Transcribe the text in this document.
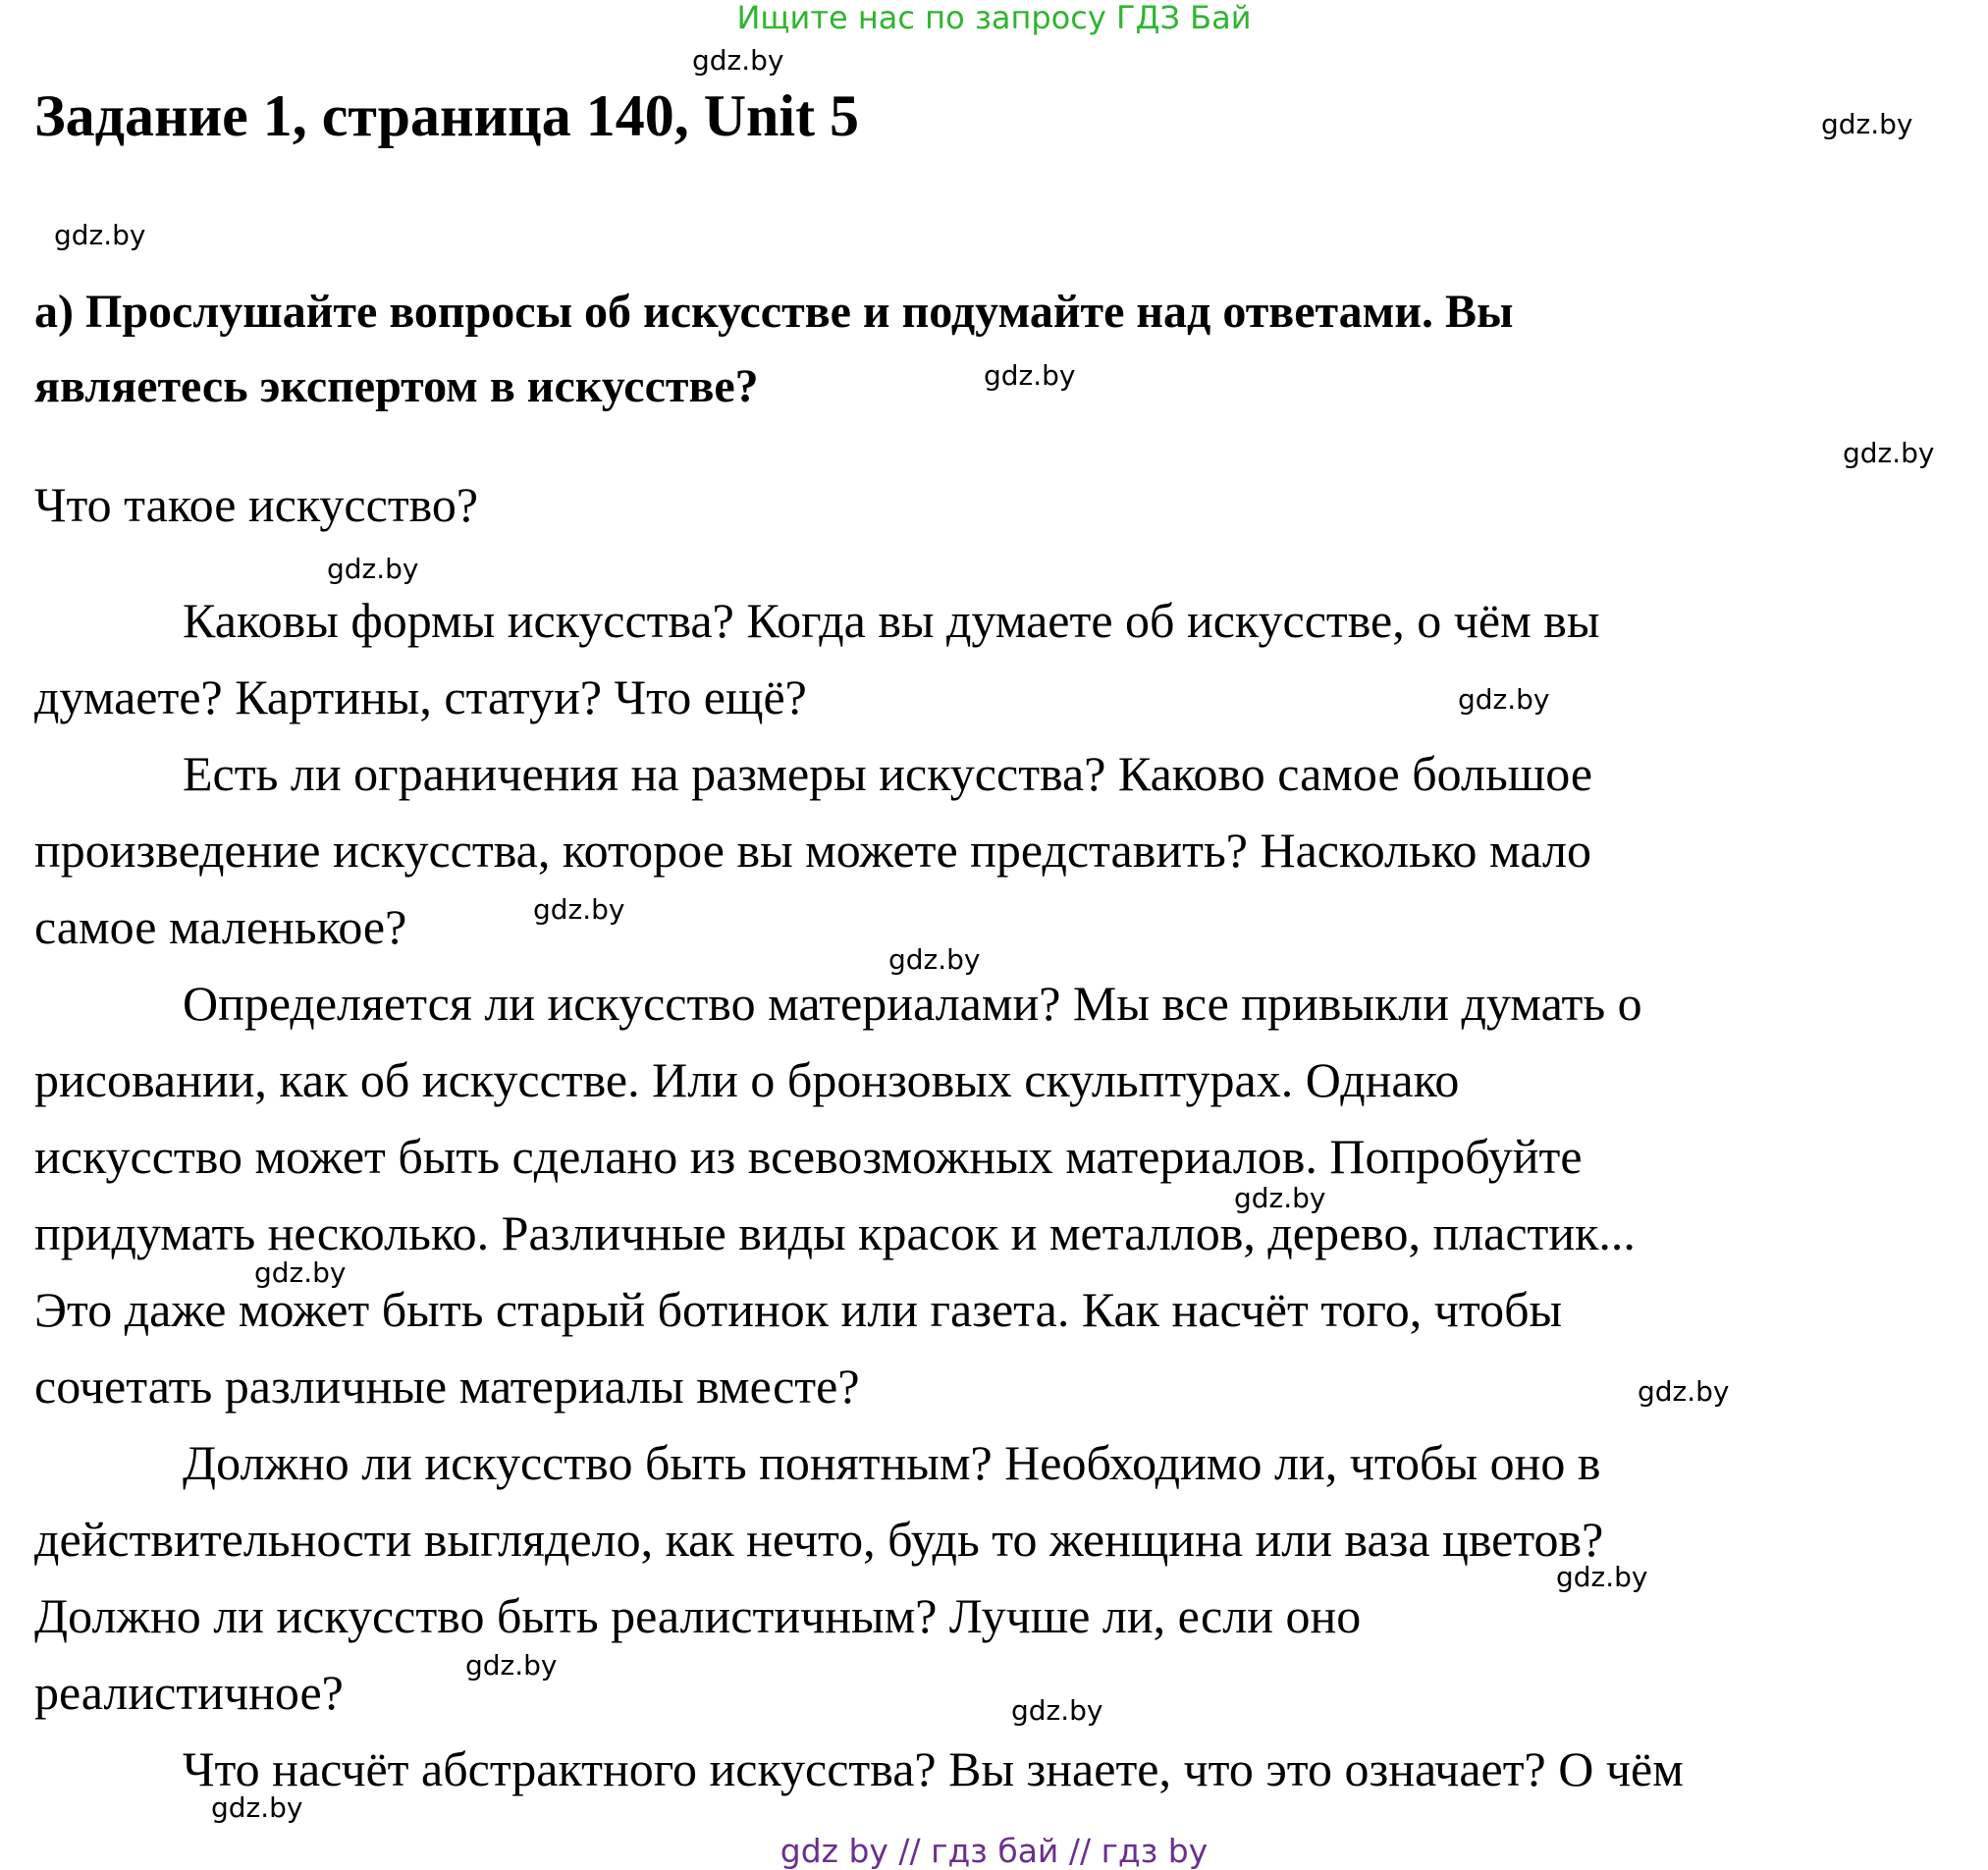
Ищите нас по запросу ГДЗ Бай
Задание 1, страница 140, Unit 5

а) Прослушайте вопросы об искусстве и подумайте над ответами. Вы

являетесь экспертом в искусстве?

Что такое искусство?

Каковы формы искусства? Когда вы думаете об искусстве, о чём вы

думаете? Картины, статуи? Что ещё?

Есть ли ограничения на размеры искусства? Каково самое большое

произведение искусства, которое вы можете представить? Насколько мало

самое маленькое?

Определяется ли искусство материалами? Мы все привыкли думать о

рисовании, как об искусстве. Или о бронзовых скульптурах. Однако

искусство может быть сделано из всевозможных материалов. Попробуйте

придумать несколько. Различные виды красок и металлов, дерево, пластик...

Это даже может быть старый ботинок или газета. Как насчёт того, чтобы

сочетать различные материалы вместе?

Должно ли искусство быть понятным? Необходимо ли, чтобы оно в

действительности выглядело, как нечто, будь то женщина или ваза цветов?

Должно ли искусство быть реалистичным? Лучше ли, если оно

реалистичное?

Что насчёт абстрактного искусства? Вы знаете, что это означает? О чём

gdz.by
gdz.by
gdz.by
gdz.by
gdz.by
gdz.by
gdz.by
gdz.by
gdz.by
gdz.by
gdz.by
gdz.by
gdz.by
gdz.by
gdz.by
gdz.by
gdz by // гдз бай // гдз by
